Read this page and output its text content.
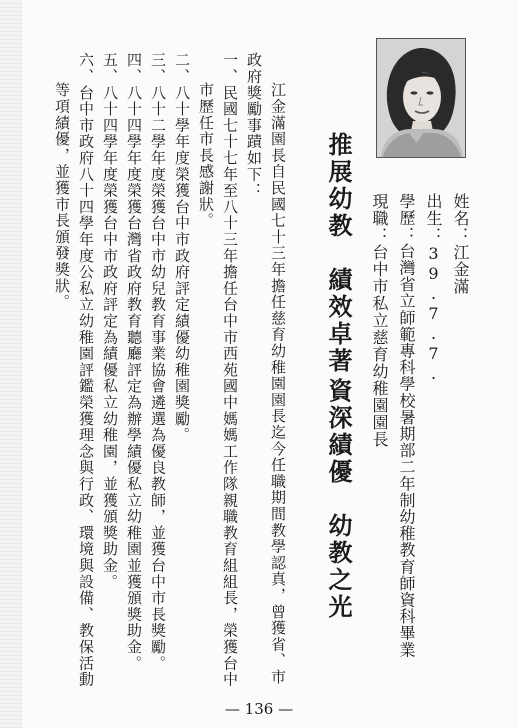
姓名：江金滿
出生：39.7.7.
學歷：台灣省立師範專科學校暑期部二年制幼稚教育師資科畢業
現職：台中市私立慈育幼稚園園長
推展幼教　績效卓著
資深績優　幼教之光
江金滿園長自民國七十三年擔任慈育幼稚園園長迄今任職期間教學認真，曾獲省、市
政府獎勵事蹟如下：
一、民國七十七年至八十三年擔任台中市西苑國中媽媽工作隊親職教育組組長，榮獲台中
市歷任市長感謝狀。
二、八十學年度榮獲台中市政府評定績優幼稚園獎勵。
三、八十二學年度榮獲台中市幼兒教育事業協會遴選為優良教師，並獲台中市長獎勵。
四、八十四學年度榮獲台灣省政府教育聽廳評定為辦學績優私立幼稚園並獲頒獎助金。
五、八十四學年度榮獲台中市政府評定為績優私立幼稚園，並獲頒獎助金。
六、台中市政府八十四學年度公私立幼稚園評鑑榮獲理念與行政、環境與設備、教保活動
等項績優，並獲市長頒發獎狀。
— 136 —
